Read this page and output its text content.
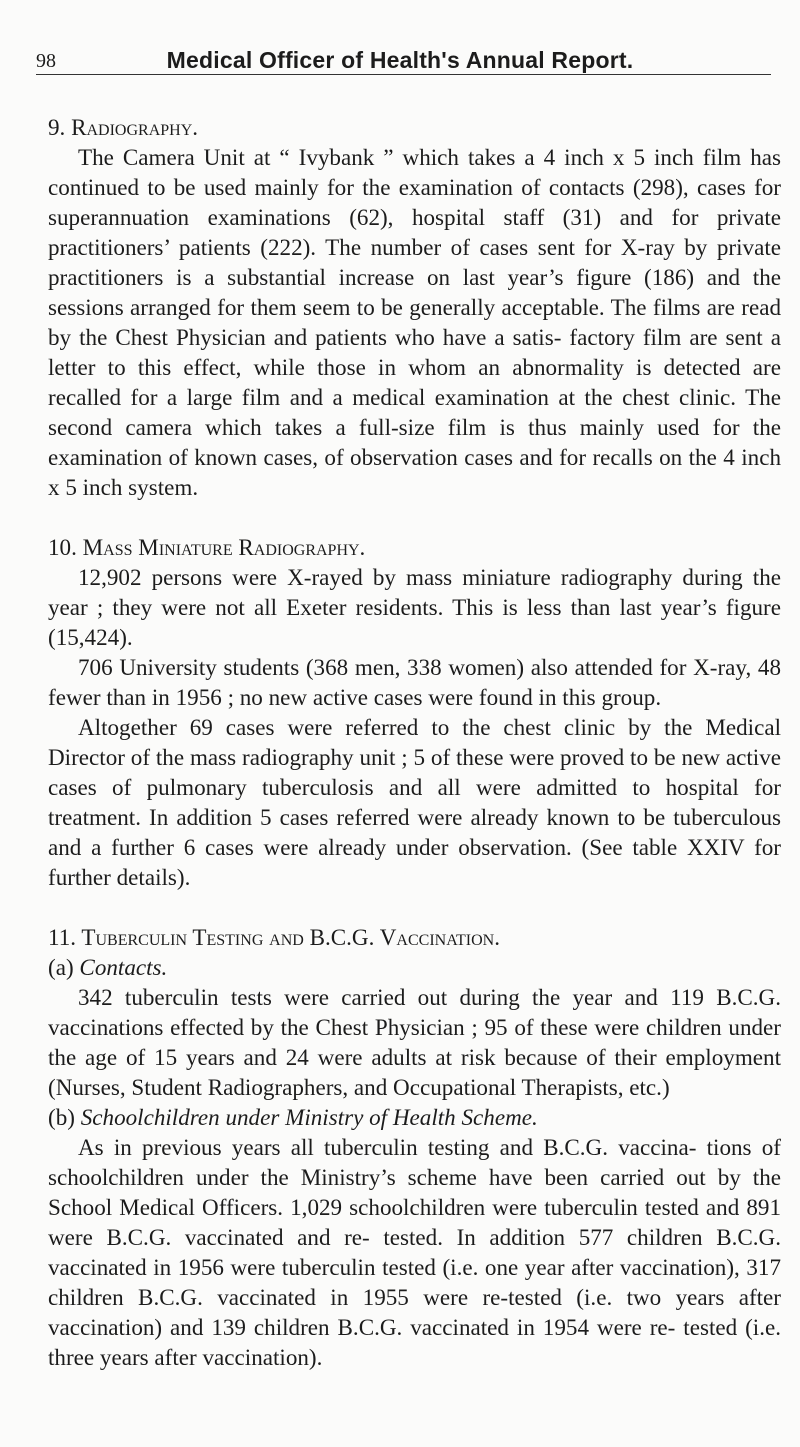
98	Medical Officer of Health's Annual Report.
9. Radiography.

The Camera Unit at “ Ivybank ” which takes a 4 inch x 5 inch film has continued to be used mainly for the examination of contacts (298), cases for superannuation examinations (62), hospital staff (31) and for private practitioners’ patients (222). The number of cases sent for X-ray by private practitioners is a substantial increase on last year’s figure (186) and the sessions arranged for them seem to be generally acceptable. The films are read by the Chest Physician and patients who have a satis- factory film are sent a letter to this effect, while those in whom an abnormality is detected are recalled for a large film and a medical examination at the chest clinic. The second camera which takes a full-size film is thus mainly used for the examination of known cases, of observation cases and for recalls on the 4 inch x 5 inch system.

10. Mass Miniature Radiography.

12,902 persons were X-rayed by mass miniature radiography during the year ; they were not all Exeter residents. This is less than last year’s figure (15,424).

706 University students (368 men, 338 women) also attended for X-ray, 48 fewer than in 1956 ; no new active cases were found in this group.

Altogether 69 cases were referred to the chest clinic by the Medical Director of the mass radiography unit ; 5 of these were proved to be new active cases of pulmonary tuberculosis and all were admitted to hospital for treatment. In addition 5 cases referred were already known to be tuberculous and a further 6 cases were already under observation. (See table XXIV for further details).

11. Tuberculin Testing and B.C.G. Vaccination.
(a) Contacts.

342 tuberculin tests were carried out during the year and 119 B.C.G. vaccinations effected by the Chest Physician ; 95 of these were children under the age of 15 years and 24 were adults at risk because of their employment (Nurses, Student Radiographers, and Occupational Therapists, etc.)

(b) Schoolchildren under Ministry of Health Scheme.

As in previous years all tuberculin testing and B.C.G. vaccina- tions of schoolchildren under the Ministry’s scheme have been carried out by the School Medical Officers. 1,029 schoolchildren were tuberculin tested and 891 were B.C.G. vaccinated and re- tested. In addition 577 children B.C.G. vaccinated in 1956 were tuberculin tested (i.e. one year after vaccination), 317 children B.C.G. vaccinated in 1955 were re-tested (i.e. two years after vaccination) and 139 children B.C.G. vaccinated in 1954 were re- tested (i.e. three years after vaccination).
